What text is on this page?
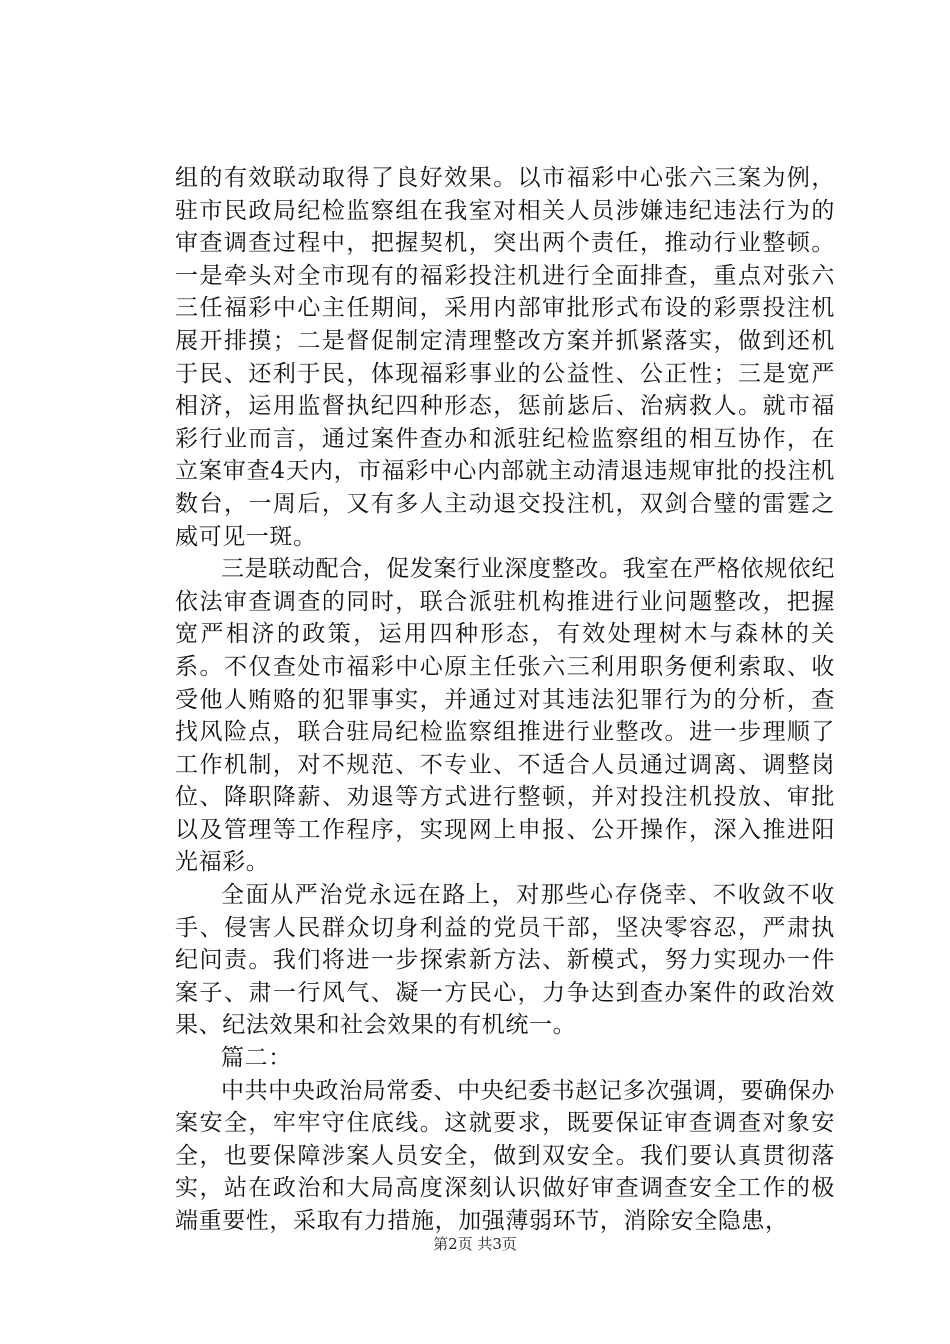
组的有效联动取得了良好效果。以市福彩中心张六三案为例，驻市民政局纪检监察组在我室对相关人员涉嫌违纪违法行为的审查调查过程中，把握契机，突出两个责任，推动行业整顿。一是牵头对全市现有的福彩投注机进行全面排查，重点对张六三任福彩中心主任期间，采用内部审批形式布设的彩票投注机展开排摸；二是督促制定清理整改方案并抓紧落实，做到还机于民、还利于民，体现福彩事业的公益性、公正性；三是宽严相济，运用监督执纪四种形态，惩前毖后、治病救人。就市福彩行业而言，通过案件查办和派驻纪检监察组的相互协作，在立案审查4天内，市福彩中心内部就主动清退违规审批的投注机数台，一周后，又有多人主动退交投注机，双剑合璧的雷霆之威可见一斑。

三是联动配合，促发案行业深度整改。我室在严格依规依纪依法审查调查的同时，联合派驻机构推进行业问题整改，把握宽严相济的政策，运用四种形态，有效处理树木与森林的关系。不仅查处市福彩中心原主任张六三利用职务便利索取、收受他人贿赂的犯罪事实，并通过对其违法犯罪行为的分析，查找风险点，联合驻局纪检监察组推进行业整改。进一步理顺了工作机制，对不规范、不专业、不适合人员通过调离、调整岗位、降职降薪、劝退等方式进行整顿，并对投注机投放、审批以及管理等工作程序，实现网上申报、公开操作，深入推进阳光福彩。

全面从严治党永远在路上，对那些心存侥幸、不收敛不收手、侵害人民群众切身利益的党员干部，坚决零容忍，严肃执纪问责。我们将进一步探索新方法、新模式，努力实现办一件案子、肃一行风气、凝一方民心，力争达到查办案件的政治效果、纪法效果和社会效果的有机统一。

篇二：

中共中央政治局常委、中央纪委书赵记多次强调，要确保办案安全，牢牢守住底线。这就要求，既要保证审查调查对象安全，也要保障涉案人员安全，做到双安全。我们要认真贯彻落实，站在政治和大局高度深刻认识做好审查调查安全工作的极端重要性，采取有力措施，加强薄弱环节，消除安全隐患，

第2页 共3页
